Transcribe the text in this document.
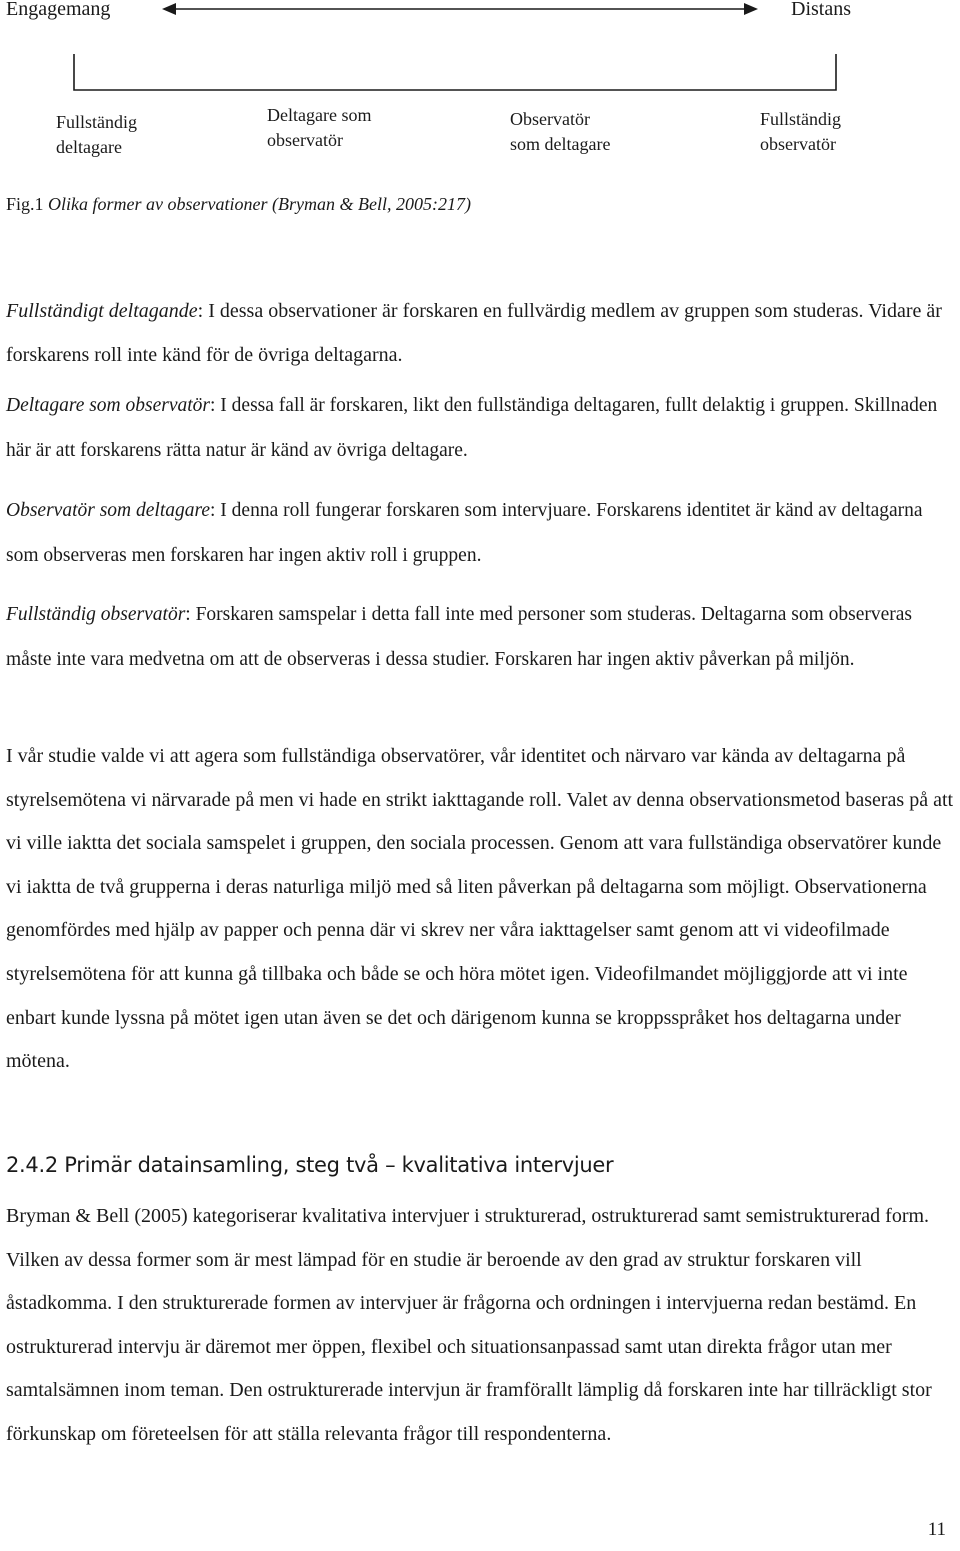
Engagemang	Distans
Fullständig
deltagare
Deltagare som
observatör
Observatör
som deltagare
Fullständig
observatör

Fig.1 Olika former av observationer (Bryman & Bell, 2005:217)

Fullständigt deltagande: I dessa observationer är forskaren en fullvärdig medlem av gruppen som studeras. Vidare är forskarens roll inte känd för de övriga deltagarna.

Deltagare som observatör: I dessa fall är forskaren, likt den fullständiga deltagaren, fullt delaktig i gruppen. Skillnaden här är att forskarens rätta natur är känd av övriga deltagare.

Observatör som deltagare: I denna roll fungerar forskaren som intervjuare. Forskarens identitet är känd av deltagarna som observeras men forskaren har ingen aktiv roll i gruppen.

Fullständig observatör: Forskaren samspelar i detta fall inte med personer som studeras. Deltagarna som observeras måste inte vara medvetna om att de observeras i dessa studier. Forskaren har ingen aktiv påverkan på miljön.

I vår studie valde vi att agera som fullständiga observatörer, vår identitet och närvaro var kända av deltagarna på styrelsemötena vi närvarade på men vi hade en strikt iakttagande roll. Valet av denna observationsmetod baseras på att vi ville iaktta det sociala samspelet i gruppen, den sociala processen. Genom att vara fullständiga observatörer kunde vi iaktta de två grupperna i deras naturliga miljö med så liten påverkan på deltagarna som möjligt. Observationerna genomfördes med hjälp av papper och penna där vi skrev ner våra iakttagelser samt genom att vi videofilmade styrelsemötena för att kunna gå tillbaka och både se och höra mötet igen. Videofilmandet möjliggjorde att vi inte enbart kunde lyssna på mötet igen utan även se det och därigenom kunna se kroppsspråket hos deltagarna under mötena.

2.4.2 Primär datainsamling, steg två – kvalitativa intervjuer

Bryman & Bell (2005) kategoriserar kvalitativa intervjuer i strukturerad, ostrukturerad samt semistrukturerad form. Vilken av dessa former som är mest lämpad för en studie är beroende av den grad av struktur forskaren vill åstadkomma. I den strukturerade formen av intervjuer är frågorna och ordningen i intervjuerna redan bestämd. En ostrukturerad intervju är däremot mer öppen, flexibel och situationsanpassad samt utan direkta frågor utan mer samtalsämnen inom teman. Den ostrukturerade intervjun är framförallt lämplig då forskaren inte har tillräckligt stor förkunskap om företeelsen för att ställa relevanta frågor till respondenterna.

11
